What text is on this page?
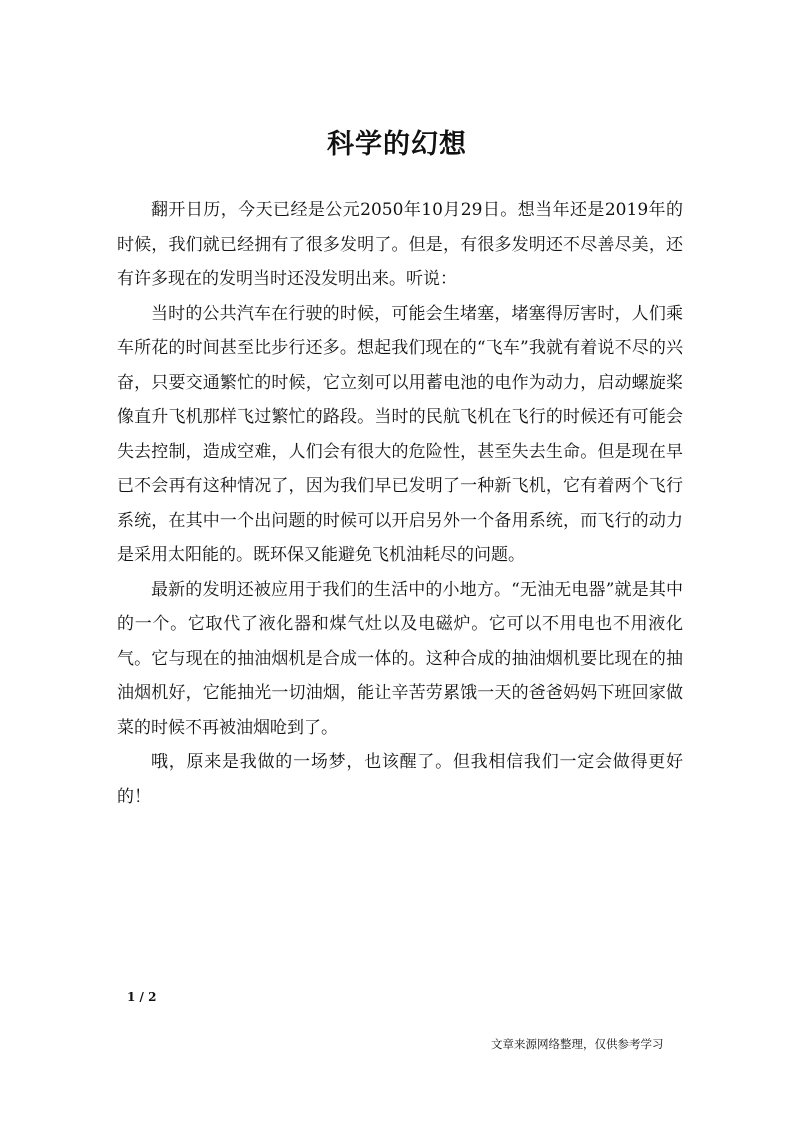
科学的幻想

翻开日历，今天已经是公元2050年10月29日。想当年还是2019年的时候，我们就已经拥有了很多发明了。但是，有很多发明还不尽善尽美，还有许多现在的发明当时还没发明出来。听说：

当时的公共汽车在行驶的时候，可能会生堵塞，堵塞得厉害时，人们乘车所花的时间甚至比步行还多。想起我们现在的“飞车”我就有着说不尽的兴奋，只要交通繁忙的时候，它立刻可以用蓄电池的电作为动力，启动螺旋桨像直升飞机那样飞过繁忙的路段。当时的民航飞机在飞行的时候还有可能会失去控制，造成空难，人们会有很大的危险性，甚至失去生命。但是现在早已不会再有这种情况了，因为我们早已发明了一种新飞机，它有着两个飞行系统，在其中一个出问题的时候可以开启另外一个备用系统，而飞行的动力是采用太阳能的。既环保又能避免飞机油耗尽的问题。

最新的发明还被应用于我们的生活中的小地方。“无油无电器”就是其中的一个。它取代了液化器和煤气灶以及电磁炉。它可以不用电也不用液化气。它与现在的抽油烟机是合成一体的。这种合成的抽油烟机要比现在的抽油烟机好，它能抽光一切油烟，能让辛苦劳累饿一天的爸爸妈妈下班回家做菜的时候不再被油烟呛到了。

哦，原来是我做的一场梦，也该醒了。但我相信我们一定会做得更好的！

1 / 2
文章来源网络整理，仅供参考学习
